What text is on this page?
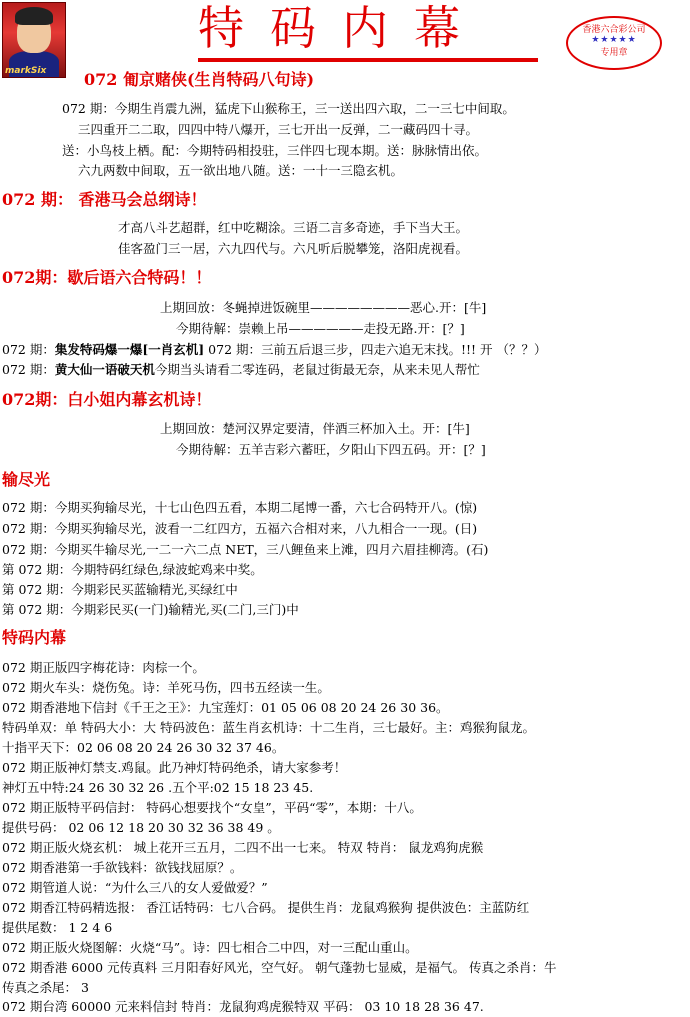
markSix
特码内幕	香港六合彩公司
★★★★★
专用章
072 匍京赌侠(生肖特码八句诗)
072 期：今期生肖震九洲，猛虎下山猴称王，三一送出四六取，二一三七中间取。
三四重开二二取，四四中特八爆开，三七开出一反弹，二一藏码四十寻。
送：小鸟枝上栖。配：今期特码相投驻，三伴四七现本期。送：脉脉情出依。
六九两数中间取，五一欲出地八随。送：一十一三隐玄机。
072 期： 香港马会总纲诗！
才高八斗艺超群，红中吃糊涂。三语二言多奇迹，手下当大王。
佳客盈门三一居，六九四代与。六凡听后脱攀笼，洛阳虎视看。
072期：歇后语六合特码！！
上期回放：冬蝇掉进饭碗里————————恶心.开：[牛]
今期待解：崇赖上吊——————走投无路.开：[？]
072 期：集发特码爆一爆[一肖玄机] 072 期：三前五后退三步，四走六追无末找。!!! 开 （？？）
072 期：黄大仙一语破天机今期当头请看二零连码，老鼠过街最无奈，从来未见人帮忙
072期：白小姐内幕玄机诗！
上期回放：楚河汉界定要清，伴酒三杯加入土。开：[牛]
今期待解：五羊吉彩六蓄旺，夕阳山下四五码。开：[？]
输尽光
072 期：今期买狗输尽光，十七山色四五看，本期二尾博一番，六七合码特开八。(惊)
072 期：今期买狗输尽光，波看一二红四方，五福六合相对来，八九相合一一现。(日)
072 期：今期买牛输尽光,一二一六二点 NET，三八鲤鱼来上滩，四月六眉挂柳湾。(石)
第 072 期：今期特码红绿色,绿波蛇鸡来中奖。
第 072 期：今期彩民买蓝输精光,买绿红中
第 072 期：今期彩民买(一门)输精光,买(二门,三门)中
特码内幕
072 期正版四字梅花诗：肉棕一个。
072 期火车头：烧伤兔。诗：羊死马伤，四书五经读一生。
072 期香港地下信封《千王之王》：九宝莲灯：01 05 06 08 20 24 26 30 36。
特码单双：单 特码大小：大 特码波色：蓝生肖玄机诗：十二生肖，三七最好。主：鸡猴狗鼠龙。
十指平天下：02 06 08 20 24 26 30 32 37 46。
072 期正版神灯禁支.鸡鼠。此乃神灯特码绝杀，请大家参考！
神灯五中特:24 26 30 32 26 .五个平:02 15 18 23 45.
072 期正版特平码信封： 特码心想要找个“女皇”，平码“零”，本期：十八。
提供号码： 02 06 12 18 20 30 32 36 38 49 。
072 期正版火烧玄机： 城上花开三五月，二四不出一七来。 特双 特肖： 鼠龙鸡狗虎猴
072 期香港第一手欲钱料：欲钱找屈原？。
072 期管道人说：“为什么三八的女人爱做爱？”
072 期香江特码精选报： 香江话特码：七八合码。 提供生肖：龙鼠鸡猴狗 提供波色：主蓝防红
提供尾数： 1 2 4 6
072 期正版火烧图解：火烧“马”。诗：四七相合二中四，对一三配山重山。
072 期香港 6000 元传真料 三月阳春好风光，空气好。 朝气蓬勃七显威，是福气。 传真之杀肖：牛
传真之杀尾： 3
072 期台湾 60000 元来料信封 特肖：龙鼠狗鸡虎猴特双 平码： 03 10 18 28 36 47.
